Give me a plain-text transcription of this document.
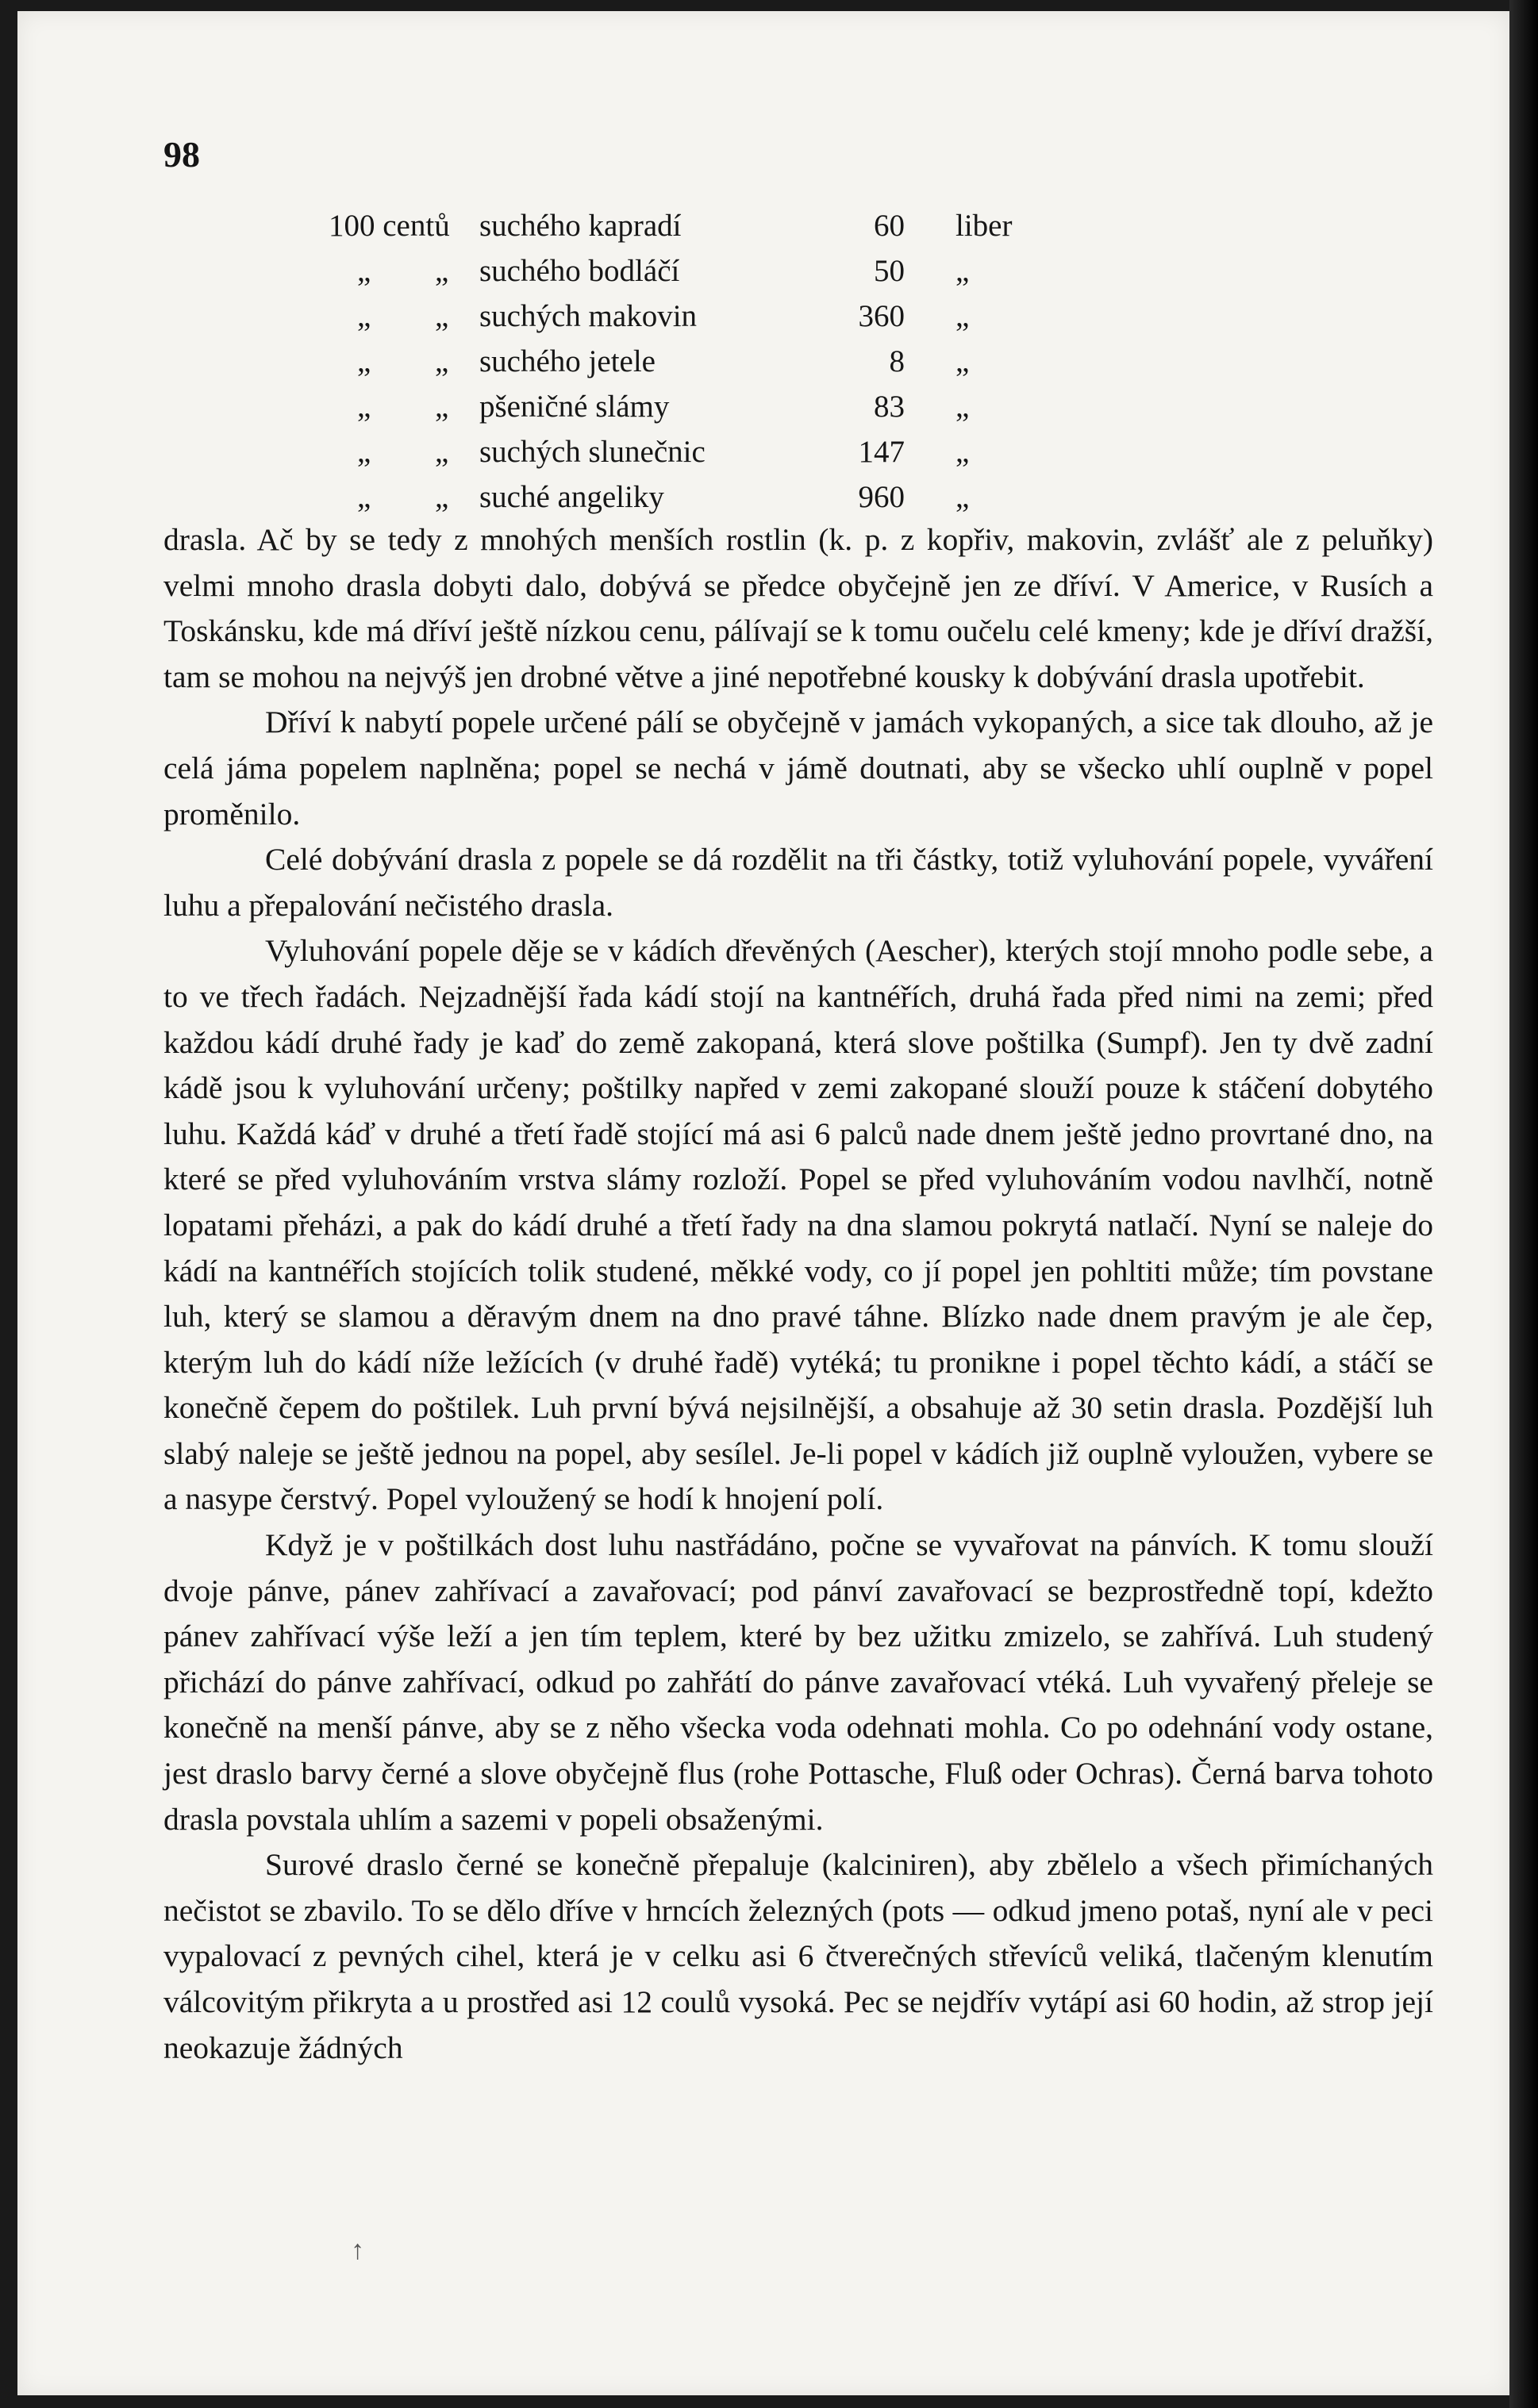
98
100 centů suchého kapradí	60 liber
„ „ suchého bodláčí	50 „
„ „ suchých makovin	360 „
„ „ suchého jetele	8 „
„ „ pšeničné slámy	83 „
„ „ suchých slunečnic	147 „
„ „ suché angeliky	960 „

drasla. Ač by se tedy z mnohých menších rostlin (k. p. z kopřiv, makovin, zvlášť ale z peluňky) velmi mnoho drasla dobyti dalo, dobývá se předce obyčejně jen ze dříví. V Americe, v Rusích a Toskánsku, kde má dříví ještě nízkou cenu, pálívají se k tomu oučelu celé kmeny; kde je dříví dražší, tam se mohou na nejvýš jen drobné větve a jiné nepotřebné kousky k dobývání drasla upotřebit.

Dříví k nabytí popele určené pálí se obyčejně v jamách vykopaných, a sice tak dlouho, až je celá jáma popelem naplněna; popel se nechá v jámě doutnati, aby se všecko uhlí ouplně v popel proměnilo.

Celé dobývání drasla z popele se dá rozdělit na tři částky, totiž vyluhování popele, vyváření luhu a přepalování nečistého drasla.

Vyluhování popele děje se v kádích dřevěných (Aescher), kterých stojí mnoho podle sebe, a to ve třech řadách. Nejzadnější řada kádí stojí na kantnéřích, druhá řada před nimi na zemi; před každou kádí druhé řady je kaď do země zakopaná, která slove poštilka (Sumpf). Jen ty dvě zadní kádě jsou k vyluhování určeny; poštilky napřed v zemi zakopané slouží pouze k stáčení dobytého luhu. Každá káď v druhé a třetí řadě stojící má asi 6 palců nade dnem ještě jedno provrtané dno, na které se před vyluhováním vrstva slámy rozloží. Popel se před vyluhováním vodou navlhčí, notně lopatami přeházi, a pak do kádí druhé a třetí řady na dna slamou pokrytá natlačí. Nyní se naleje do kádí na kantnéřích stojících tolik studené, měkké vody, co jí popel jen pohltiti může; tím povstane luh, který se slamou a děravým dnem na dno pravé táhne. Blízko nade dnem pravým je ale čep, kterým luh do kádí níže ležících (v druhé řadě) vytéká; tu pronikne i popel těchto kádí, a stáčí se konečně čepem do poštilek. Luh první bývá nejsilnější, a obsahuje až 30 setin drasla. Pozdější luh slabý naleje se ještě jednou na popel, aby sesílel. Je-li popel v kádích již ouplně vyloužen, vybere se a nasype čerstvý. Popel vyloužený se hodí k hnojení polí.

Když je v poštilkách dost luhu nastřádáno, počne se vyvařovat na pánvích. K tomu slouží dvoje pánve, pánev zahřívací a zavařovací; pod pánví zavařovací se bezprostředně topí, kdežto pánev zahřívací výše leží a jen tím teplem, které by bez užitku zmizelo, se zahřívá. Luh studený přichází do pánve zahřívací, odkud po zahřátí do pánve zavařovací vtéká. Luh vyvařený přeleje se konečně na menší pánve, aby se z něho všecka voda odehnati mohla. Co po odehnání vody ostane, jest draslo barvy černé a slove obyčejně flus (rohe Pottasche, Fluß oder Ochras). Černá barva tohoto drasla povstala uhlím a sazemi v popeli obsaženými.

Surové draslo černé se konečně přepaluje (kalciniren), aby zbělelo a všech přimíchaných nečistot se zbavilo. To se dělo dříve v hrncích železných (pots — odkud jmeno potaš, nyní ale v peci vypalovací z pevných cihel, která je v celku asi 6 čtverečných střevíců veliká, tlačeným klenutím válcovitým přikryta a u prostřed asi 12 coulů vysoká. Pec se nejdřív vytápí asi 60 hodin, až strop její neokazuje žádných

↑
